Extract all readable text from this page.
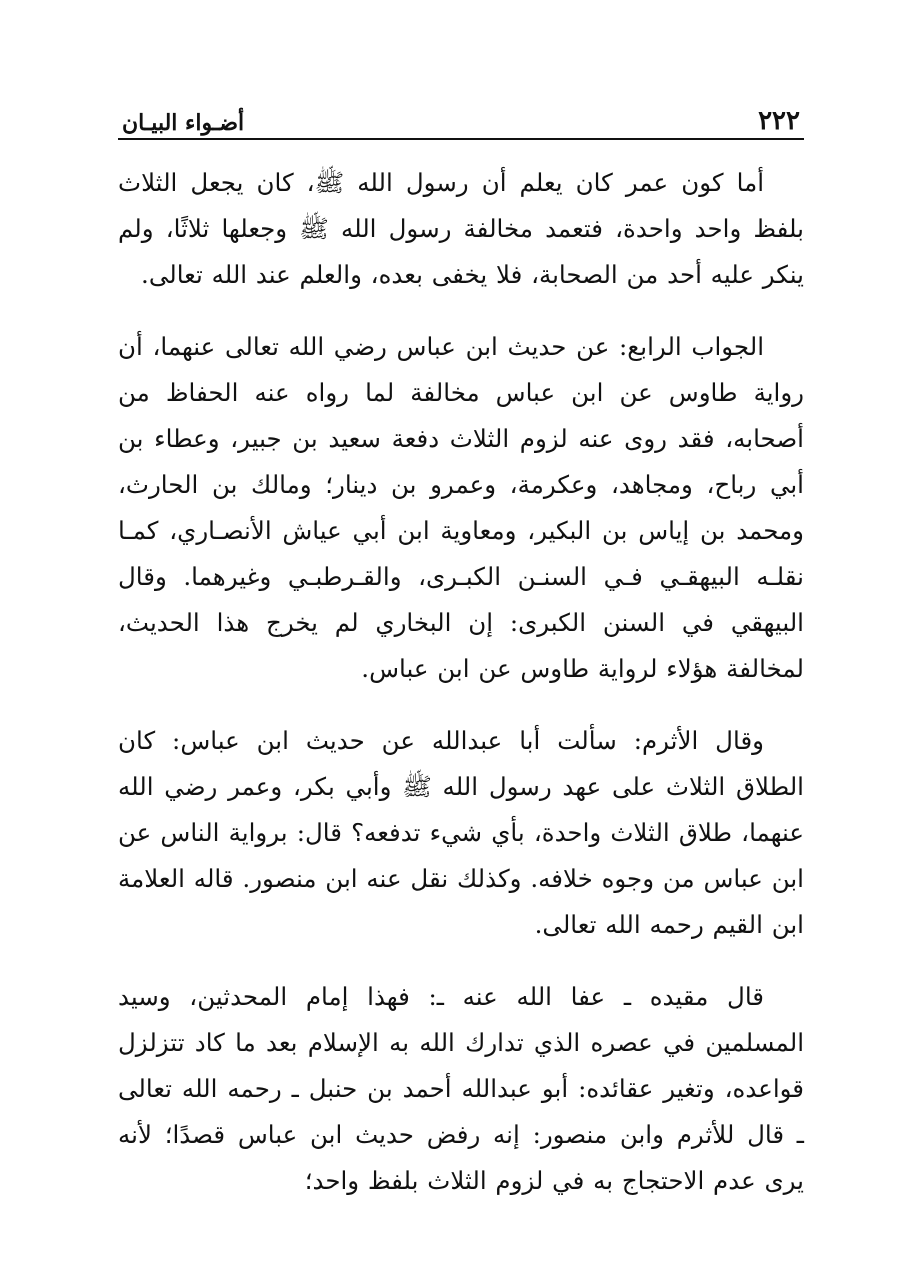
٢٢٢
أضـواء البيـان

أما كون عمر كان يعلم أن رسول الله ﷺ، كان يجعل الثلاث بلفظ واحد واحدة، فتعمد مخالفة رسول الله ﷺ وجعلها ثلاثًا، ولم ينكر عليه أحد من الصحابة، فلا يخفى بعده، والعلم عند الله تعالى.

الجواب الرابع: عن حديث ابن عباس رضي الله تعالى عنهما، أن رواية طاوس عن ابن عباس مخالفة لما رواه عنه الحفاظ من أصحابه، فقد روى عنه لزوم الثلاث دفعة سعيد بن جبير، وعطاء بن أبي رباح، ومجاهد، وعكرمة، وعمرو بن دينار؛ ومالك بن الحارث، ومحمد بن إياس بن البكير، ومعاوية ابن أبي عياش الأنصـاري، كمـا نقلـه البيهقـي فـي السنـن الكبـرى، والقـرطبـي وغيرهما. وقال البيهقي في السنن الكبرى: إن البخاري لم يخرج هذا الحديث، لمخالفة هؤلاء لرواية طاوس عن ابن عباس.

وقال الأثرم: سألت أبا عبدالله عن حديث ابن عباس: كان الطلاق الثلاث على عهد رسول الله ﷺ وأبي بكر، وعمر رضي الله عنهما، طلاق الثلاث واحدة، بأي شيء تدفعه؟ قال: برواية الناس عن ابن عباس من وجوه خلافه. وكذلك نقل عنه ابن منصور. قاله العلامة ابن القيم رحمه الله تعالى.

قال مقيده ـ عفا الله عنه ـ: فهذا إمام المحدثين، وسيد المسلمين في عصره الذي تدارك الله به الإسلام بعد ما كاد تتزلزل قواعده، وتغير عقائده: أبو عبدالله أحمد بن حنبل ـ رحمه الله تعالى ـ قال للأثرم وابن منصور: إنه رفض حديث ابن عباس قصدًا؛ لأنه يرى عدم الاحتجاج به في لزوم الثلاث بلفظ واحد؛
